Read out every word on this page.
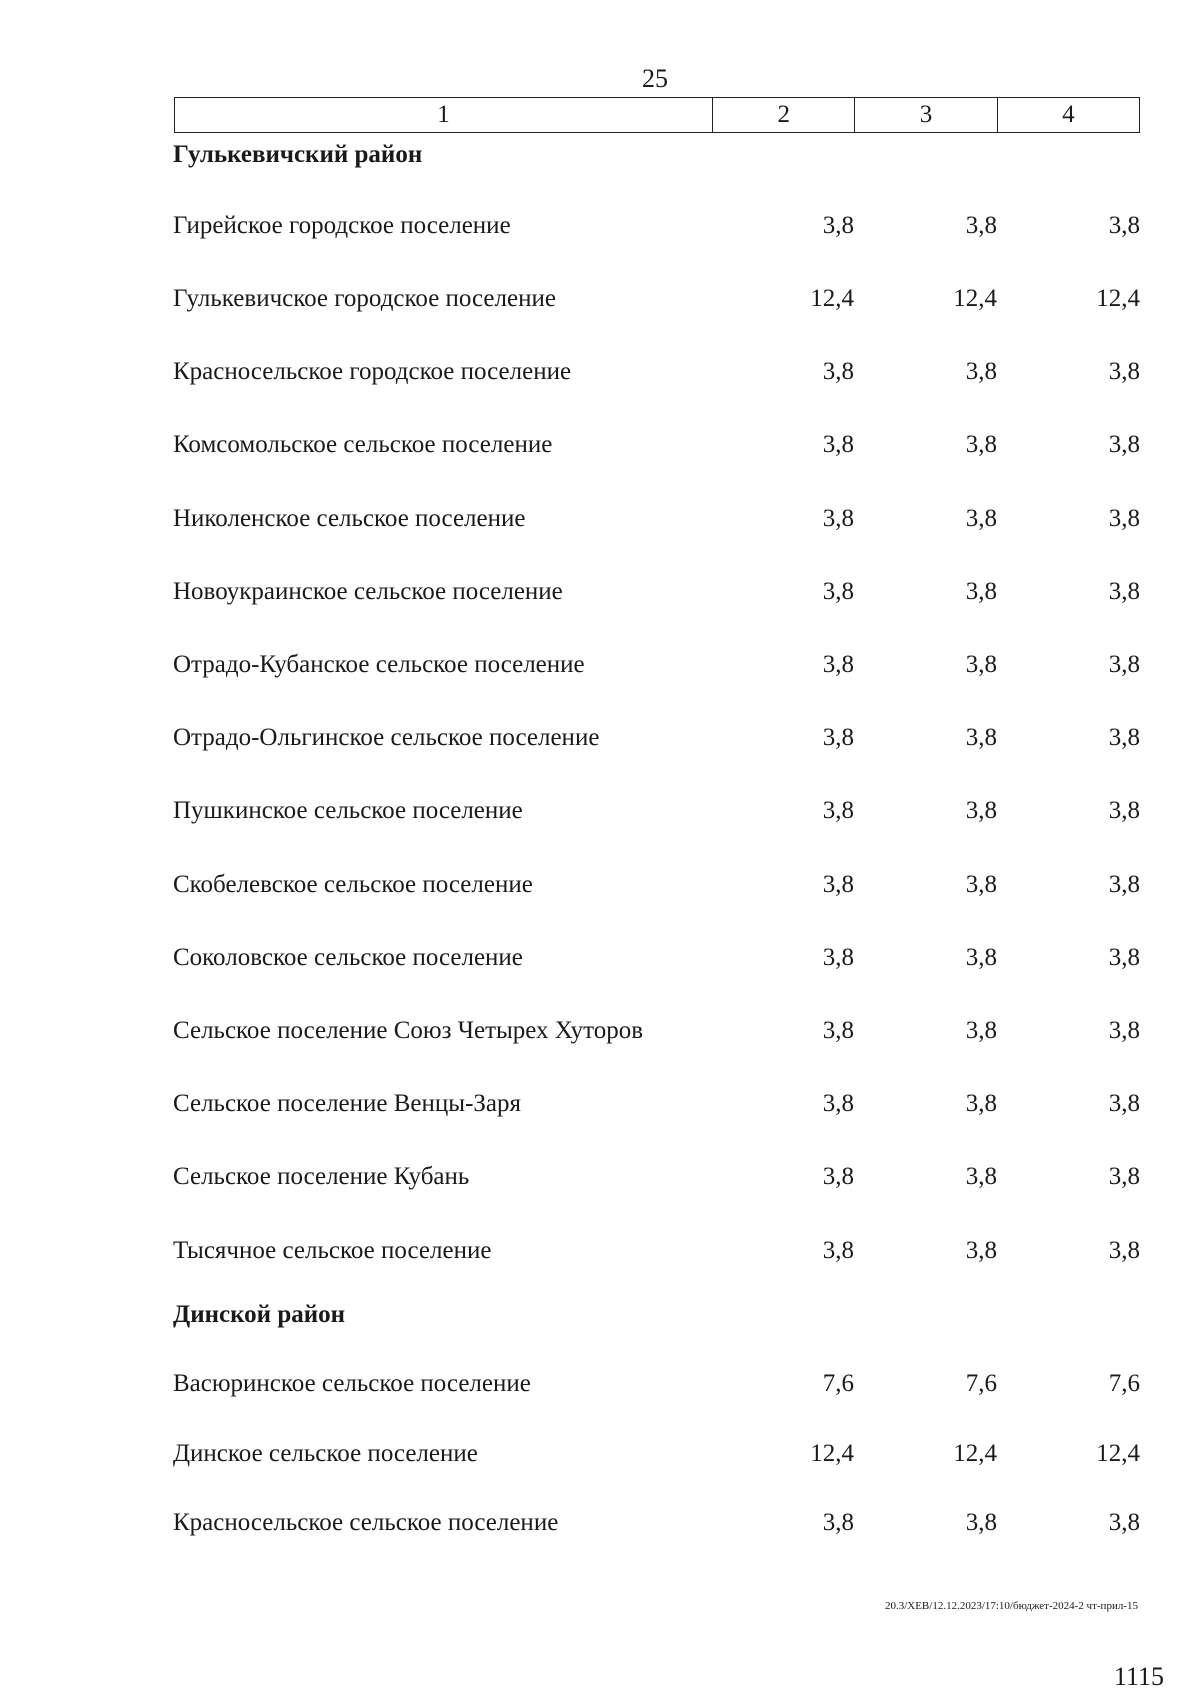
25
1	2	3	4
Гулькевичский район
Гирейское городское поселение	3,8	3,8	3,8
Гулькевичское городское поселение	12,4	12,4	12,4
Красносельское городское поселение	3,8	3,8	3,8
Комсомольское сельское поселение	3,8	3,8	3,8
Николенское сельское поселение	3,8	3,8	3,8
Новоукраинское сельское поселение	3,8	3,8	3,8
Отрадо-Кубанское сельское поселение	3,8	3,8	3,8
Отрадо-Ольгинское сельское поселение	3,8	3,8	3,8
Пушкинское сельское поселение	3,8	3,8	3,8
Скобелевское сельское поселение	3,8	3,8	3,8
Соколовское сельское поселение	3,8	3,8	3,8
Сельское поселение Союз Четырех Хуторов	3,8	3,8	3,8
Сельское поселение Венцы-Заря	3,8	3,8	3,8
Сельское поселение Кубань	3,8	3,8	3,8
Тысячное сельское поселение	3,8	3,8	3,8
Динской район
Васюринское сельское поселение	7,6	7,6	7,6
Динское сельское поселение	12,4	12,4	12,4
Красносельское сельское поселение	3,8	3,8	3,8
20.3/ХЕВ/12.12.2023/17:10/бюджет-2024-2 чт-прил-15
1115
